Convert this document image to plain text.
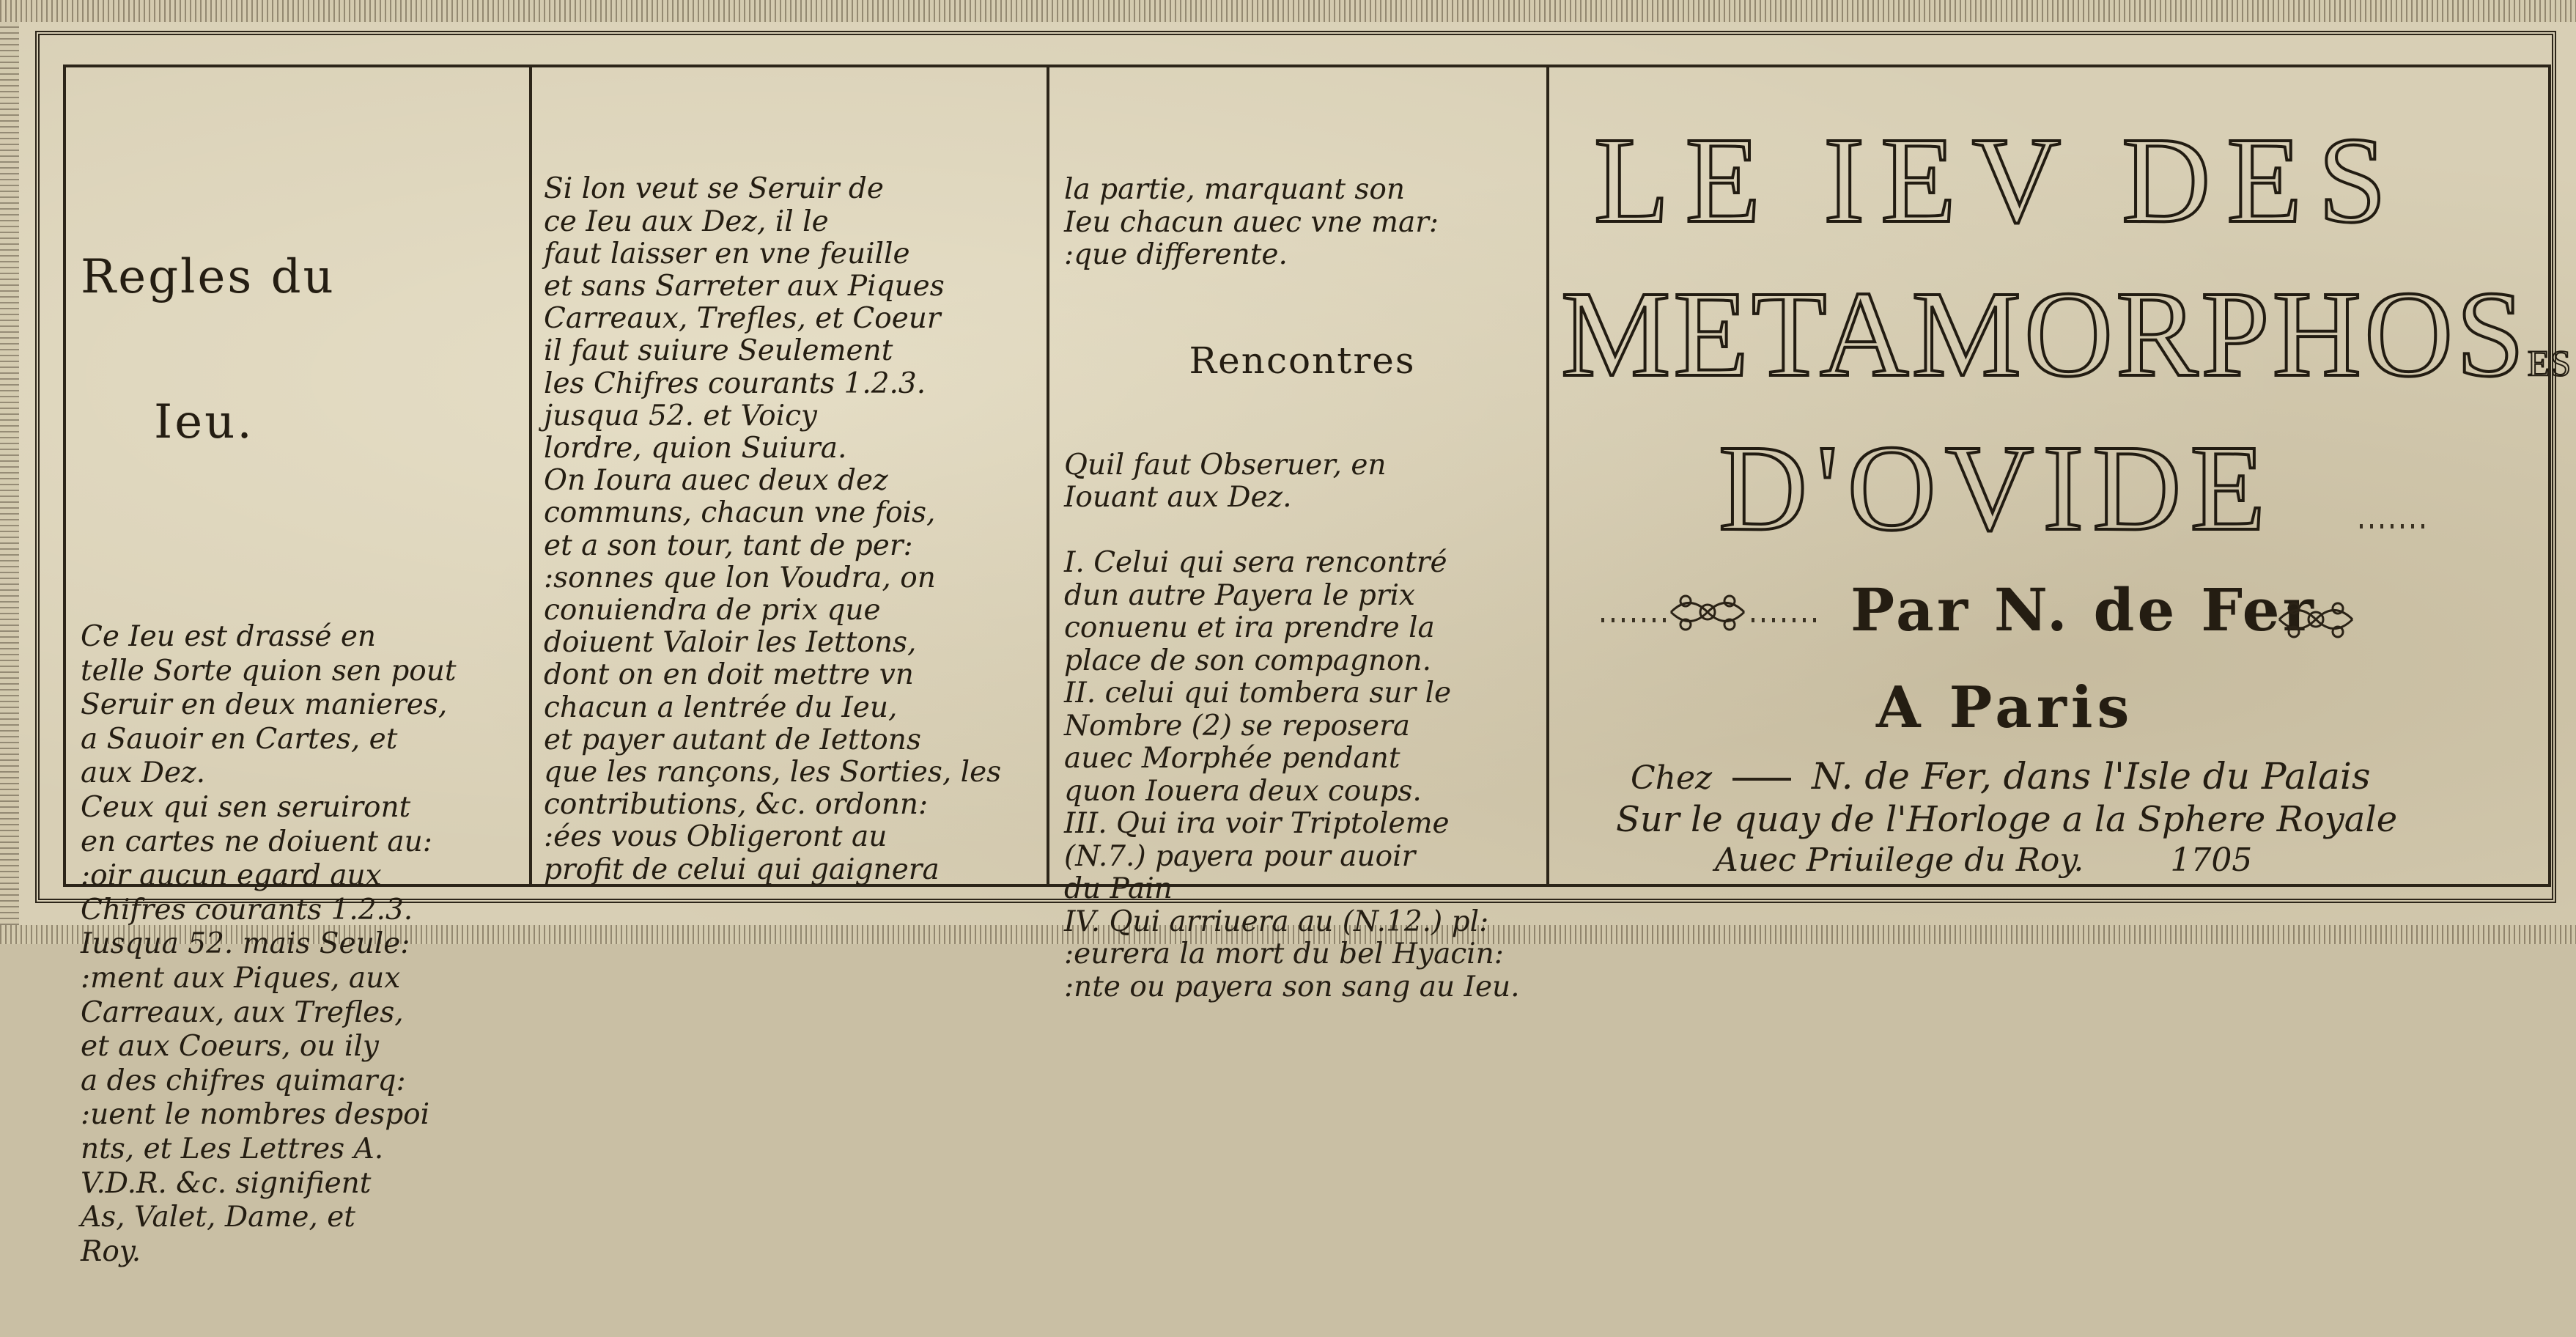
Regles du

Ieu.

Ce Ieu est drassé en
telle Sorte quion sen pout
Seruir en deux manieres,
a Sauoir en Cartes, et
aux Dez.
Ceux qui sen seruiront
en cartes ne doiuent au:
:oir aucun egard aux
Chifres courants 1.2.3.
Iusqua 52. mais Seule:
:ment aux Piques, aux
Carreaux, aux Trefles,
et aux Coeurs, ou ily
a des chifres quimarq:
:uent le nombres despoi
nts, et Les Lettres A.
V.D.R. &c. signifient
As, Valet, Dame, et
Roy.

Si lon veut se Seruir de
ce Ieu aux Dez, il le
faut laisser en vne feuille
et sans Sarreter aux Piques
Carreaux, Trefles, et Coeur
il faut suiure Seulement
les Chifres courants 1.2.3.
jusqua 52. et Voicy
lordre, quion Suiura.
On Ioura auec deux dez
communs, chacun vne fois,
et a son tour, tant de per:
:sonnes que lon Voudra, on
conuiendra de prix que
doiuent Valoir les Iettons,
dont on en doit mettre vn
chacun a lentrée du Ieu,
et payer autant de Iettons
que les rançons, les Sorties, les
contributions, &c. ordonn:
:ées vous Obligeront au
profit de celui qui gaignera

la partie, marquant son
Ieu chacun auec vne mar:
:que differente.

Rencontres

Quil faut Obseruer, en
Iouant aux Dez.

I. Celui qui sera rencontré
dun autre Payera le prix
conuenu et ira prendre la
place de son compagnon.
II. celui qui tombera sur le
Nombre (2) se reposera
auec Morphée pendant
quon Iouera deux coups.
III. Qui ira voir Triptoleme
(N.7.) payera pour auoir
du Pain
IV. Qui arriuera au (N.12.) pl:
:eurera la mort du bel Hyacin:
:nte ou payera son sang au Ieu.

LE IEV DES
METAMORPHOSES
D'OVIDE
Par N. de Fer
A Paris
Chez	N. de Fer, dans l'Isle du Palais
Sur le quay de l'Horloge a la Sphere Royale
Auec Priuilege du Roy.	1705
